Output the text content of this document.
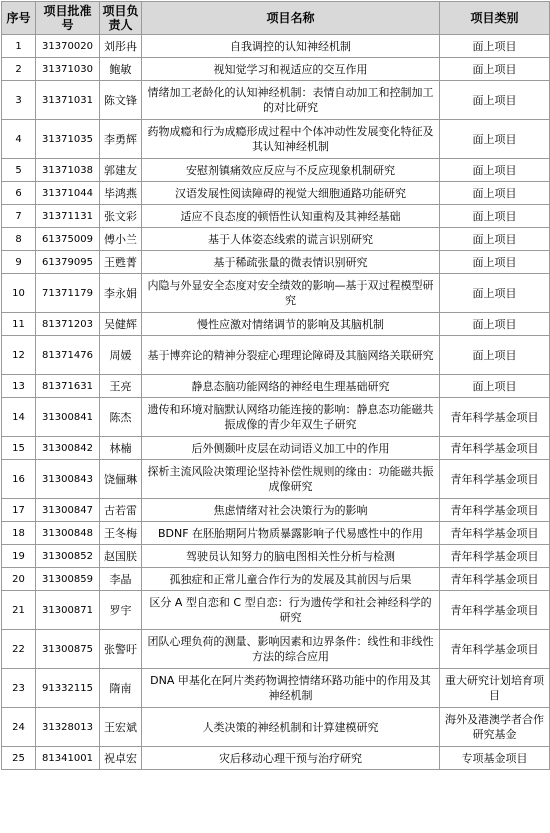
序号	项目批准号	项目负责人	项目名称	项目类别
1	31370020	刘彤冉	自我调控的认知神经机制	面上项目
2	31371030	鲍敏	视知觉学习和视适应的交互作用	面上项目
3	31371031	陈文锋	情绪加工老龄化的认知神经机制：表情自动加工和控制加工的对比研究	面上项目
4	31371035	李勇辉	药物成瘾和行为成瘾形成过程中个体冲动性发展变化特征及其认知神经机制	面上项目
5	31371038	郭建友	安慰剂镇痛效应反应与不反应现象机制研究	面上项目
6	31371044	毕鸿燕	汉语发展性阅读障碍的视觉大细胞通路功能研究	面上项目
7	31371131	张文彩	适应不良态度的顿悟性认知重构及其神经基础	面上项目
8	61375009	傅小兰	基于人体姿态线索的谎言识别研究	面上项目
9	61379095	王甦菁	基于稀疏张量的微表情识别研究	面上项目
10	71371179	李永娟	内隐与外显安全态度对安全绩效的影响—基于双过程模型研究	面上项目
11	81371203	吴健辉	慢性应激对情绪调节的影响及其脑机制	面上项目
12	81371476	周媛	基于博弈论的精神分裂症心理理论障碍及其脑网络关联研究	面上项目
13	81371631	王亮	静息态脑功能网络的神经电生理基础研究	面上项目
14	31300841	陈杰	遗传和环境对脑默认网络功能连接的影响：静息态功能磁共振成像的青少年双生子研究	青年科学基金项目
15	31300842	林楠	后外侧颞叶皮层在动词语义加工中的作用	青年科学基金项目
16	31300843	饶俪琳	探析主流风险决策理论坚持补偿性规则的缘由：功能磁共振成像研究	青年科学基金项目
17	31300847	古若雷	焦虑情绪对社会决策行为的影响	青年科学基金项目
18	31300848	王冬梅	BDNF 在胚胎期阿片物质暴露影响子代易感性中的作用	青年科学基金项目
19	31300852	赵国朕	驾驶员认知努力的脑电图相关性分析与检测	青年科学基金项目
20	31300859	李晶	孤独症和正常儿童合作行为的发展及其前因与后果	青年科学基金项目
21	31300871	罗宇	区分 A 型自恋和 C 型自恋：行为遗传学和社会神经科学的研究	青年科学基金项目
22	31300875	张警吁	团队心理负荷的测量、影响因素和边界条件：线性和非线性方法的综合应用	青年科学基金项目
23	91332115	隋南	DNA 甲基化在阿片类药物调控情绪环路功能中的作用及其神经机制	重大研究计划培育项目
24	31328013	王宏斌	人类决策的神经机制和计算建模研究	海外及港澳学者合作研究基金
25	81341001	祝卓宏	灾后移动心理干预与治疗研究	专项基金项目
